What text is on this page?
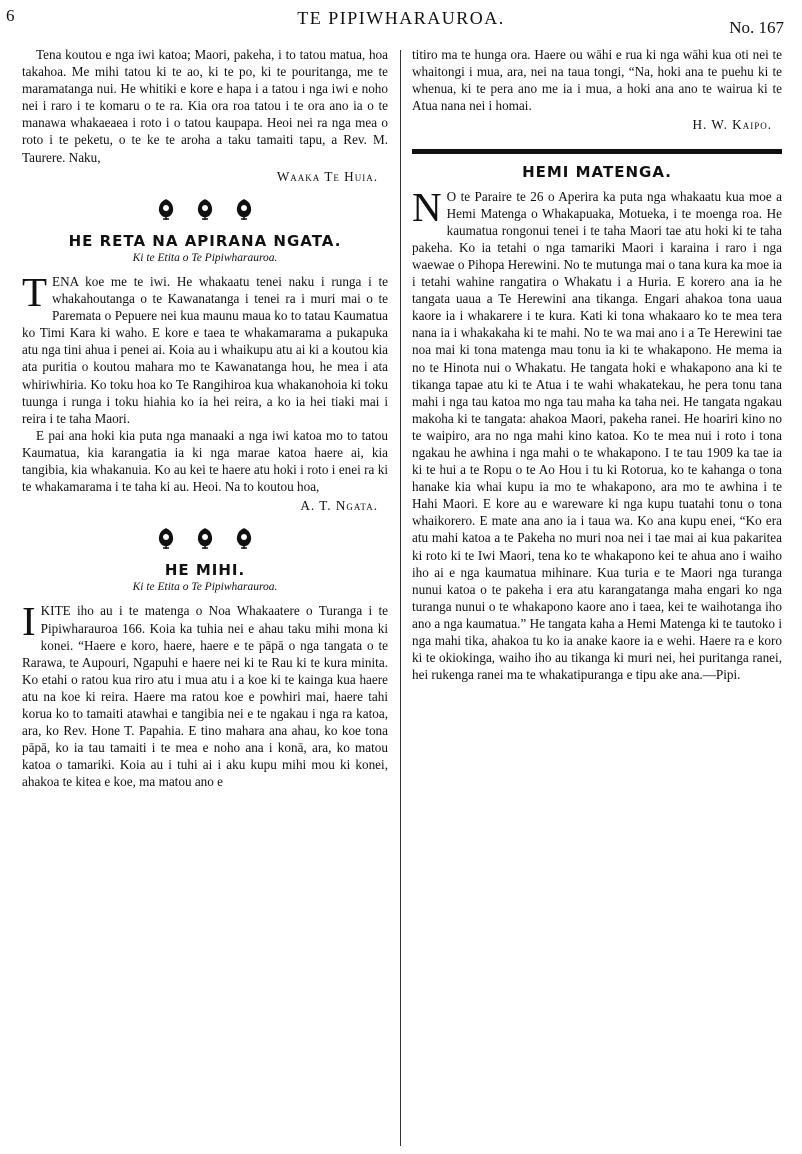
6	TE PIPIWHARAUROA.	No. 167

Tena koutou e nga iwi katoa; Maori, pakeha, i to tatou matua, hoa takahoa. Me mihi tatou ki te ao, ki te po, ki te pouritanga, me te maramatanga nui. He whitiki e kore e hapa i a tatou i nga iwi e noho nei i raro i te komaru o te ra. Kia ora roa tatou i te ora ano ia o te manawa whakaeaea i roto i o tatou kaupapa. Heoi nei ra nga mea o roto i te peketu, o te ke te aroha a taku tamaiti tapu, a Rev. M. Taurere. Naku,

Waaka Te Huia.

HE RETA NA APIRANA NGATA.

Ki te Etita o Te Pipiwharauroa.

TENA koe me te iwi. He whakaatu tenei naku i runga i te whakahoutanga o te Kawanatanga i tenei ra i muri mai o te Paremata o Pepuere nei kua maunu maua ko to tatau Kaumatua ko Timi Kara ki waho. E kore e taea te whakamarama a pukapuka atu nga tini ahua i penei ai. Koia au i whaikupu atu ai ki a koutou kia ata puritia o koutou mahara mo te Kawanatanga hou, he mea i ata whiriwhiria. Ko toku hoa ko Te Rangihiroa kua whakanohoia ki toku tuunga i runga i toku hiahia ko ia hei reira, a ko ia hei tiaki mai i reira i te taha Maori.

E pai ana hoki kia puta nga manaaki a nga iwi katoa mo to tatou Kaumatua, kia karangatia ia ki nga marae katoa haere ai, kia tangibia, kia whakanuia. Ko au kei te haere atu hoki i roto i enei ra ki te whakamarama i te taha ki au. Heoi. Na to koutou hoa,

A. T. Ngata.

HE MIHI.

Ki te Etita o Te Pipiwharauroa.

IKITE iho au i te matenga o Noa Whakaatere o Turanga i te Pipiwharauroa 166. Koia ka tuhia nei e ahau taku mihi mona ki konei. “Haere e koro, haere, haere e te pāpā o nga tangata o te Rarawa, te Aupouri, Ngapuhi e haere nei ki te Rau ki te kura minita. Ko etahi o ratou kua riro atu i mua atu i a koe ki te kainga kua haere atu na koe ki reira. Haere ma ratou koe e powhiri mai, haere tahi korua ko to tamaiti atawhai e tangibia nei e te ngakau i nga ra katoa, ara, ko Rev. Hone T. Papahia. E tino mahara ana ahau, ko koe tona pāpā, ko ia tau tamaiti i te mea e noho ana i konā, ara, ko matou katoa o tamariki. Koia au i tuhi ai i aku kupu mihi mou ki konei, ahakoa te kitea e koe, ma matou ano e

titiro ma te hunga ora. Haere ou wāhi e rua ki nga wāhi kua oti nei te whaitongi i mua, ara, nei na taua tongi, “Na, hoki ana te puehu ki te whenua, ki te pera ano me ia i mua, a hoki ana ano te wairua ki te Atua nana nei i homai.

H. W. Kaipo.

HEMI MATENGA.

N O te Paraire te 26 o Aperira ka puta nga whakaatu kua moe a Hemi Matenga o Whakapuaka, Motueka, i te moenga roa. He kaumatua rongonui tenei i te taha Maori tae atu hoki ki te taha pakeha. Ko ia tetahi o nga tamariki Maori i karaina i raro i nga waewae o Pihopa Herewini. No te mutunga mai o tana kura ka moe ia i tetahi wahine rangatira o Whakatu i a Huria. E korero ana ia he tangata uaua a Te Herewini ana tikanga. Engari ahakoa tona uaua kaore ia i whakarere i te kura. Kati ki tona whakaaro ko te mea tera nana ia i whakakaha ki te mahi. No te wa mai ano i a Te Herewini tae noa mai ki tona matenga mau tonu ia ki te whakapono. He mema ia no te Hinota nui o Whakatu. He tangata hoki e whakapono ana ki te tikanga tapae atu ki te Atua i te wahi whakatekau, he pera tonu tana mahi i nga tau katoa mo nga tau maha ka taha nei. He tangata ngakau makoha ki te tangata: ahakoa Maori, pakeha ranei. He hoariri kino no te waipiro, ara no nga mahi kino katoa. Ko te mea nui i roto i tona ngakau he awhina i nga mahi o te whakapono. I te tau 1909 ka tae ia ki te hui a te Ropu o te Ao Hou i tu ki Rotorua, ko te kahanga o tona hanake kia whai kupu ia mo te whakapono, ara mo te awhina i te Hahi Maori. E kore au e wareware ki nga kupu tuatahi tonu o tona whaikorero. E mate ana ano ia i taua wa. Ko ana kupu enei, “Ko era atu mahi katoa a te Pakeha no muri noa nei i tae mai ai kua pakaritea ki roto ki te Iwi Maori, tena ko te whakapono kei te ahua ano i waiho iho ai e nga kaumatua mihinare. Kua turia e te Maori nga turanga nunui katoa o te pakeha i era atu karangatanga maha engari ko nga turanga nunui o te whakapono kaore ano i taea, kei te waihotanga iho ano a nga kaumatua.” He tangata kaha a Hemi Matenga ki te tautoko i nga mahi tika, ahakoa tu ko ia anake kaore ia e wehi. Haere ra e koro ki te okiokinga, waiho iho au tikanga ki muri nei, hei puritanga ranei, hei rukenga ranei ma te whakatipuranga e tipu ake ana.—Pipi.
